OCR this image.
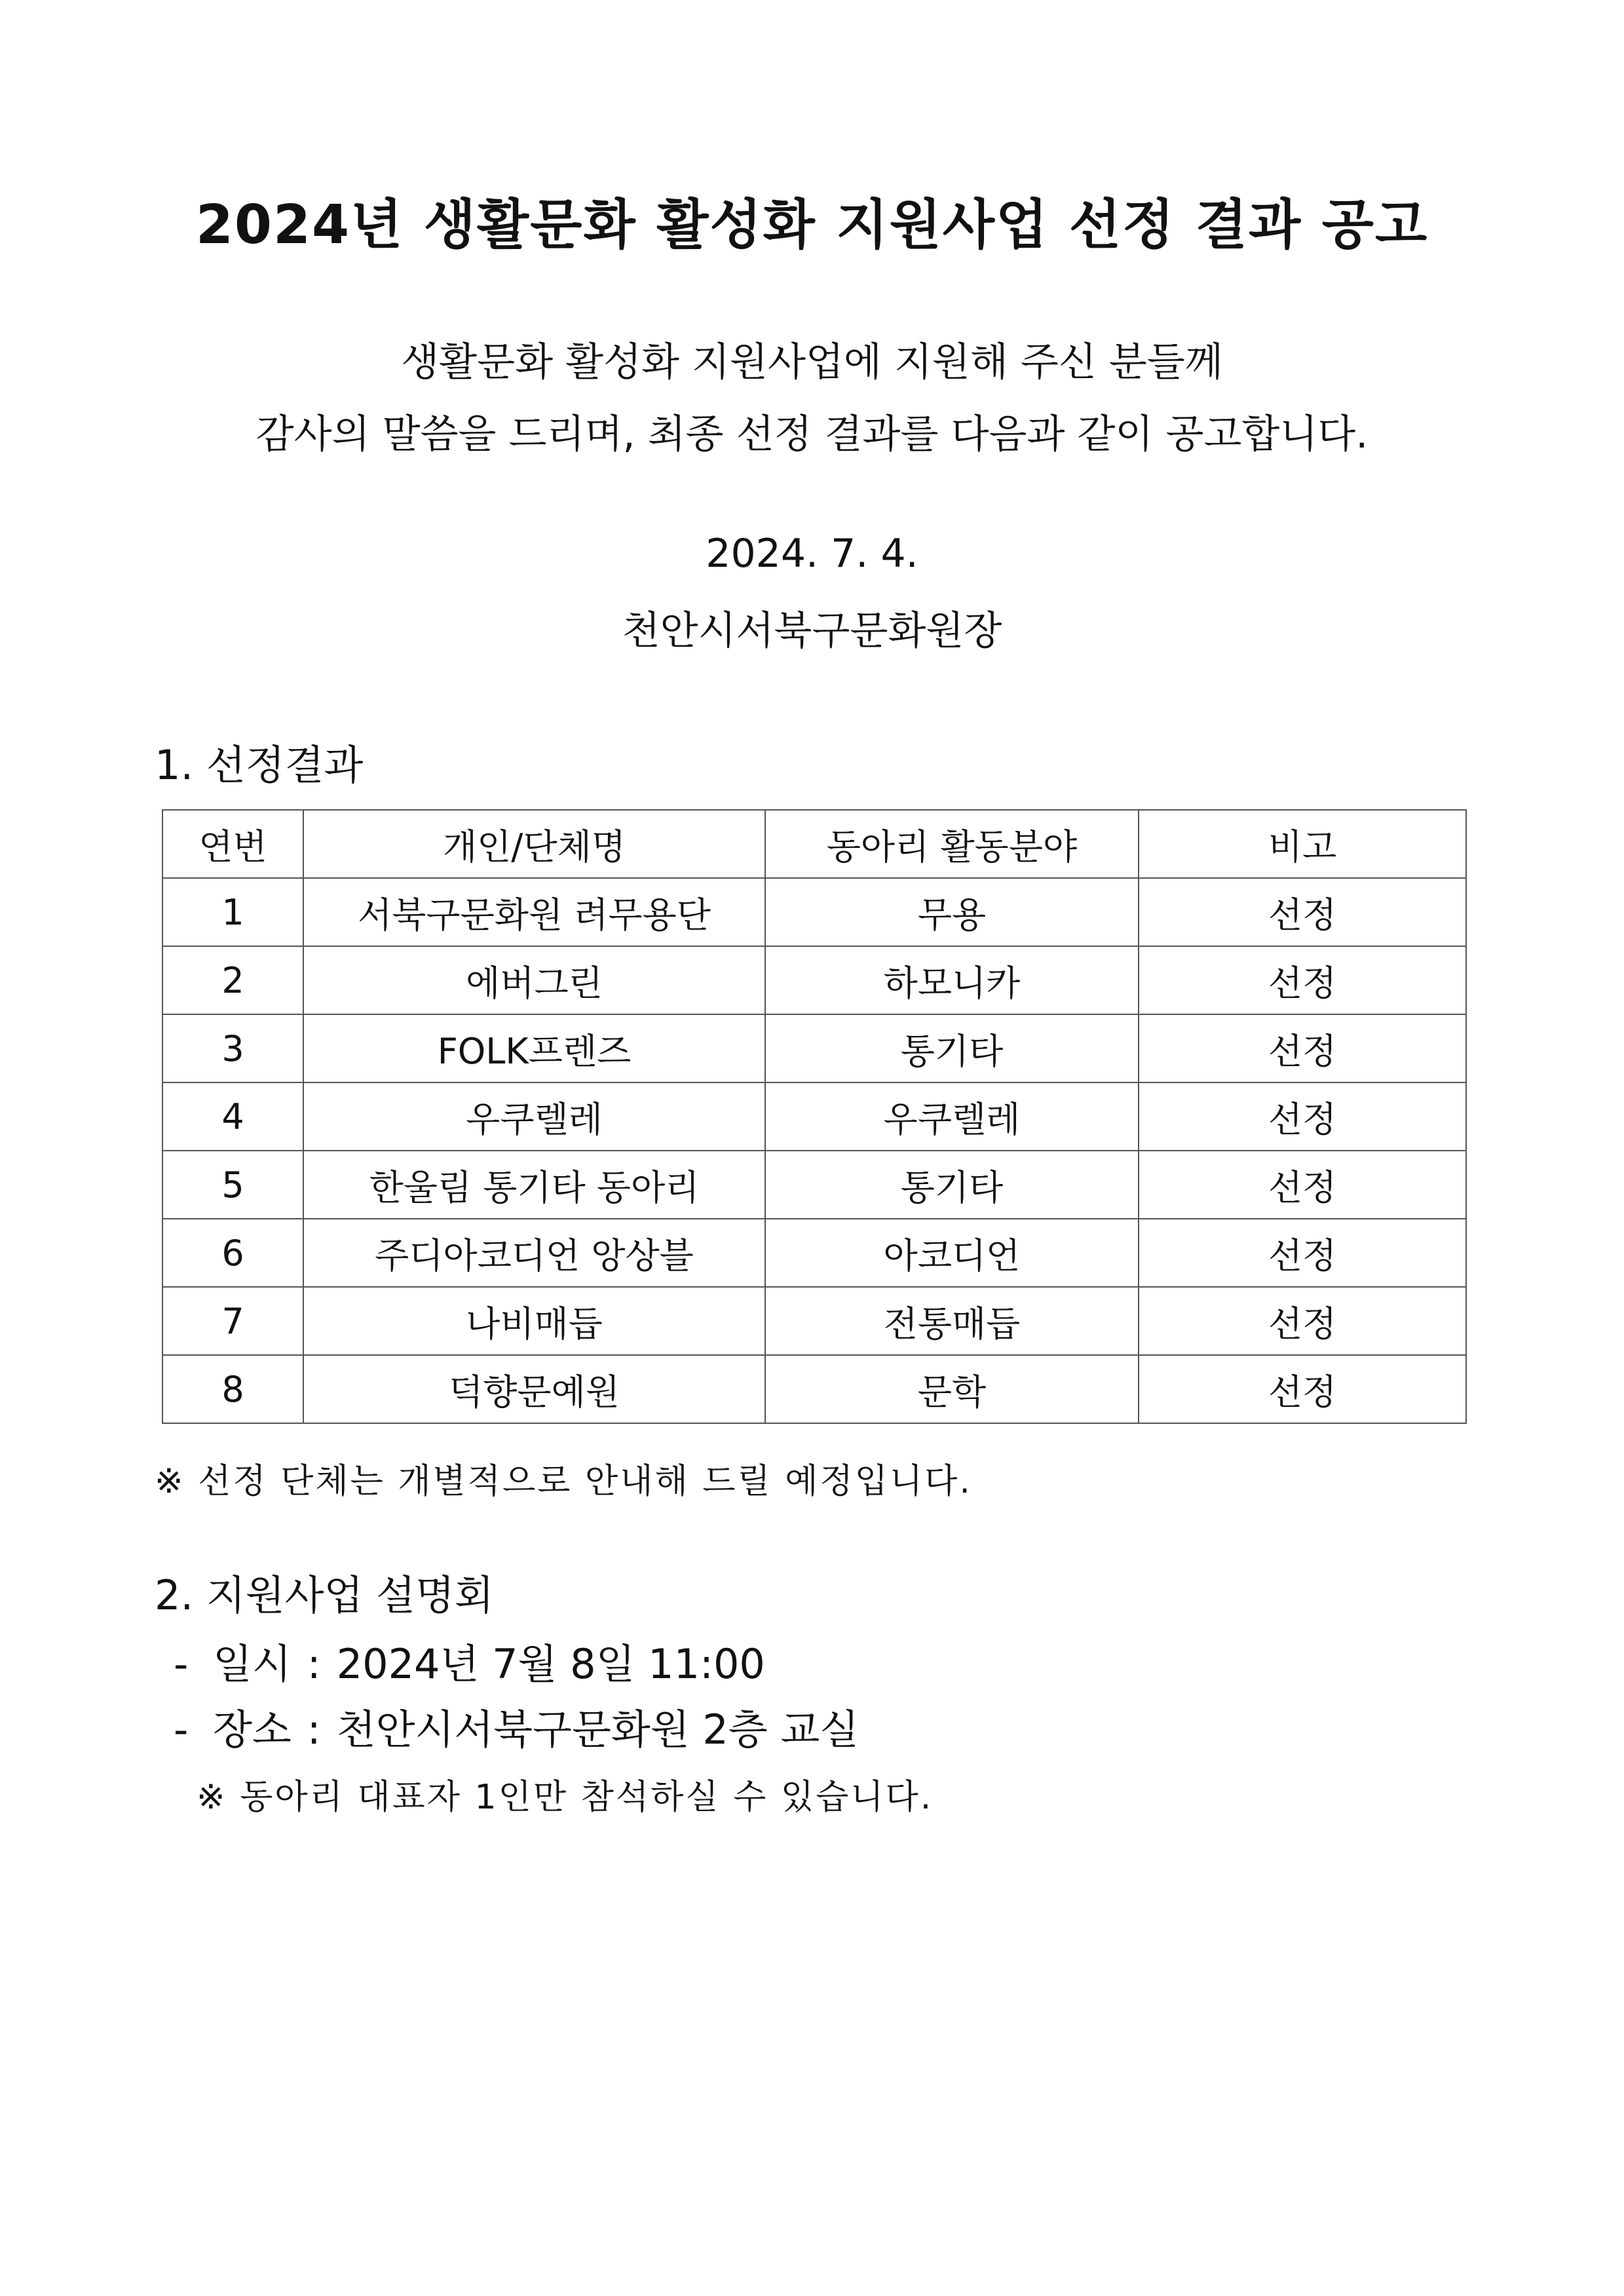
2024년 생활문화 활성화 지원사업 선정 결과 공고
생활문화 활성화 지원사업에 지원해 주신 분들께
감사의 말씀을 드리며, 최종 선정 결과를 다음과 같이 공고합니다.
2024. 7. 4.
천안시서북구문화원장
1. 선정결과
연번	개인/단체명	동아리 활동분야	비고
1	서북구문화원 려무용단	무용	선정
2	에버그린	하모니카	선정
3	FOLK프렌즈	통기타	선정
4	우쿠렐레	우쿠렐레	선정
5	한울림 통기타 동아리	통기타	선정
6	주디아코디언 앙상블	아코디언	선정
7	나비매듭	전통매듭	선정
8	덕향문예원	문학	선정
※ 선정 단체는 개별적으로 안내해 드릴 예정입니다.
2. 지원사업 설명회
- 일시 : 2024년 7월 8일 11:00
- 장소 : 천안시서북구문화원 2층 교실
※ 동아리 대표자 1인만 참석하실 수 있습니다.
